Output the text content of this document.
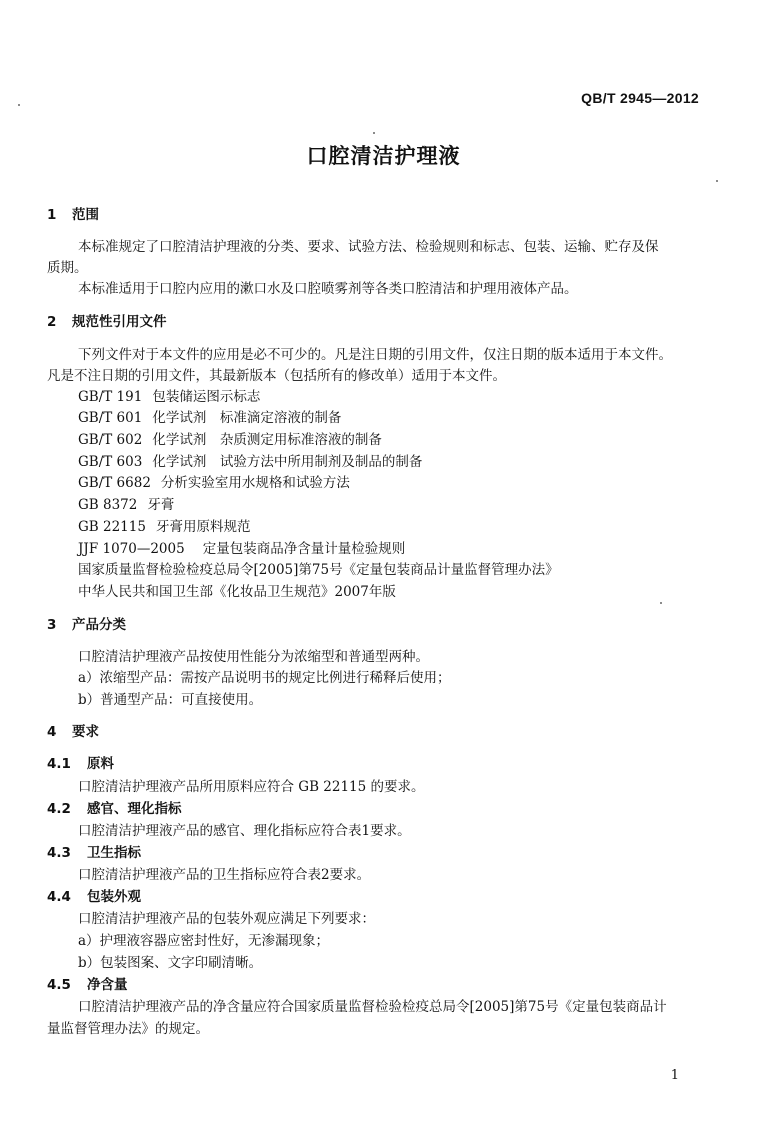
QB/T 2945—2012
口腔清洁护理液
1 范围
本标准规定了口腔清洁护理液的分类、要求、试验方法、检验规则和标志、包装、运输、贮存及保
质期。
本标准适用于口腔内应用的漱口水及口腔喷雾剂等各类口腔清洁和护理用液体产品。
2 规范性引用文件
下列文件对于本文件的应用是必不可少的。凡是注日期的引用文件，仅注日期的版本适用于本文件。
凡是不注日期的引用文件，其最新版本（包括所有的修改单）适用于本文件。
GB/T 191 包装储运图示标志
GB/T 601 化学试剂　标准滴定溶液的制备
GB/T 602 化学试剂　杂质测定用标准溶液的制备
GB/T 603 化学试剂　试验方法中所用制剂及制品的制备
GB/T 6682 分析实验室用水规格和试验方法
GB 8372 牙膏
GB 22115 牙膏用原料规范
JJF 1070—2005 定量包装商品净含量计量检验规则
国家质量监督检验检疫总局令[2005]第75号《定量包装商品计量监督管理办法》
中华人民共和国卫生部《化妆品卫生规范》2007年版
3 产品分类
口腔清洁护理液产品按使用性能分为浓缩型和普通型两种。
a）浓缩型产品：需按产品说明书的规定比例进行稀释后使用；
b）普通型产品：可直接使用。
4 要求
4.1 原料
口腔清洁护理液产品所用原料应符合 GB 22115 的要求。
4.2 感官、理化指标
口腔清洁护理液产品的感官、理化指标应符合表1要求。
4.3 卫生指标
口腔清洁护理液产品的卫生指标应符合表2要求。
4.4 包装外观
口腔清洁护理液产品的包装外观应满足下列要求：
a）护理液容器应密封性好，无渗漏现象；
b）包装图案、文字印刷清晰。
4.5 净含量
口腔清洁护理液产品的净含量应符合国家质量监督检验检疫总局令[2005]第75号《定量包装商品计
量监督管理办法》的规定。
1
